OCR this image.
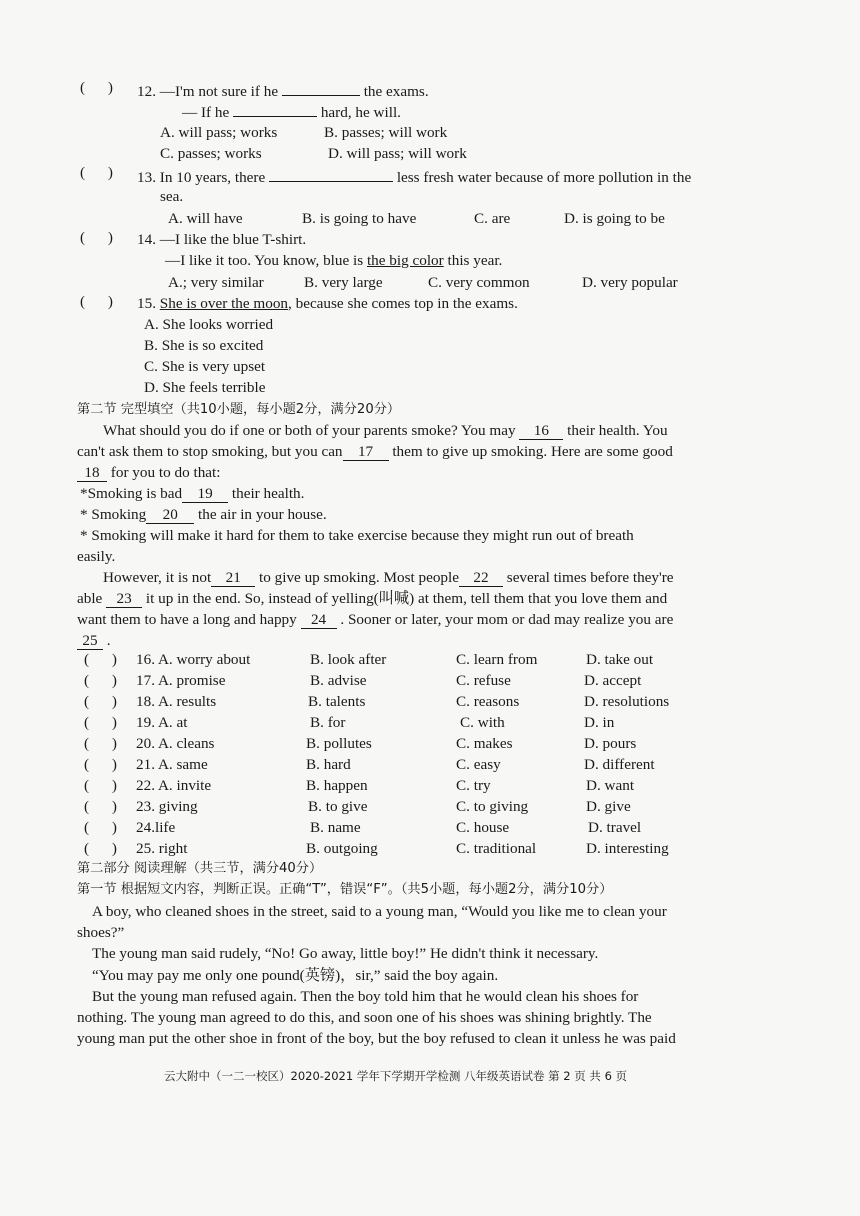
(      ) 12. —I'm not sure if he	the exams.
— If he	hard, he will.
A. will pass; works	B. passes; will work
C. passes; works	D. will pass; will work
(      ) 13. In 10 years, there	less fresh water because of more pollution in the
sea.
A. will have	B. is going to have	C. are	D. is going to be
(      ) 14. —I like the blue T-shirt.
—I like it too. You know, blue is the big color this year.
A.; very similar	B. very large	C. very common	D. very popular
(      ) 15. She is over the moon, because she comes top in the exams.
A. She looks worried
B. She is so excited
C. She is very upset
D. She feels terrible
第二节 完型填空（共10小题，每小题2分，满分20分）
What should you do if one or both of your parents smoke? You may 16 their health. You
can't ask them to stop smoking, but you can 17 them to give up smoking. Here are some good
18 for you to do that:
*Smoking is bad 19 their health.
* Smoking 20 the air in your house.
* Smoking will make it hard for them to take exercise because they might run out of breath
easily.
However, it is not 21 to give up smoking. Most people 22 several times before they're
able 23 it up in the end. So, instead of yelling(叫喊) at them, tell them that you love them and
want them to have a long and happy 24 . Sooner or later, your mom or dad may realize you are
25 .
(      ) 16. A. worry about	B. look after	C. learn from	D. take out
(      ) 17. A. promise	B. advise	C. refuse	D. accept
(      ) 18. A. results	B. talents	C. reasons	D. resolutions
(      ) 19. A. at	B. for	C. with	D. in
(      ) 20. A. cleans	B. pollutes	C. makes	D. pours
(      ) 21. A. same	B. hard	C. easy	D. different
(      ) 22. A. invite	B. happen	C. try	D. want
(      ) 23. giving	B. to give	C. to giving	D. give
(      ) 24.life	B. name	C. house	D. travel
(      ) 25. right	B. outgoing	C. traditional	D. interesting
第二部分 阅读理解（共三节，满分40分）
第一节 根据短文内容，判断正误。正确“T”，错误“F”。（共5小题，每小题2分，满分10分）
A boy, who cleaned shoes in the street, said to a young man, “Would you like me to clean your
shoes?”
The young man said rudely, “No! Go away, little boy!” He didn't think it necessary.
“You may pay me only one pound(英镑)，sir,” said the boy again.
But the young man refused again. Then the boy told him that he would clean his shoes for
nothing. The young man agreed to do this, and soon one of his shoes was shining brightly. The
young man put the other shoe in front of the boy, but the boy refused to clean it unless he was paid
云大附中（一二一校区）2020-2021 学年下学期开学检测 八年级英语试卷 第 2 页 共 6 页
